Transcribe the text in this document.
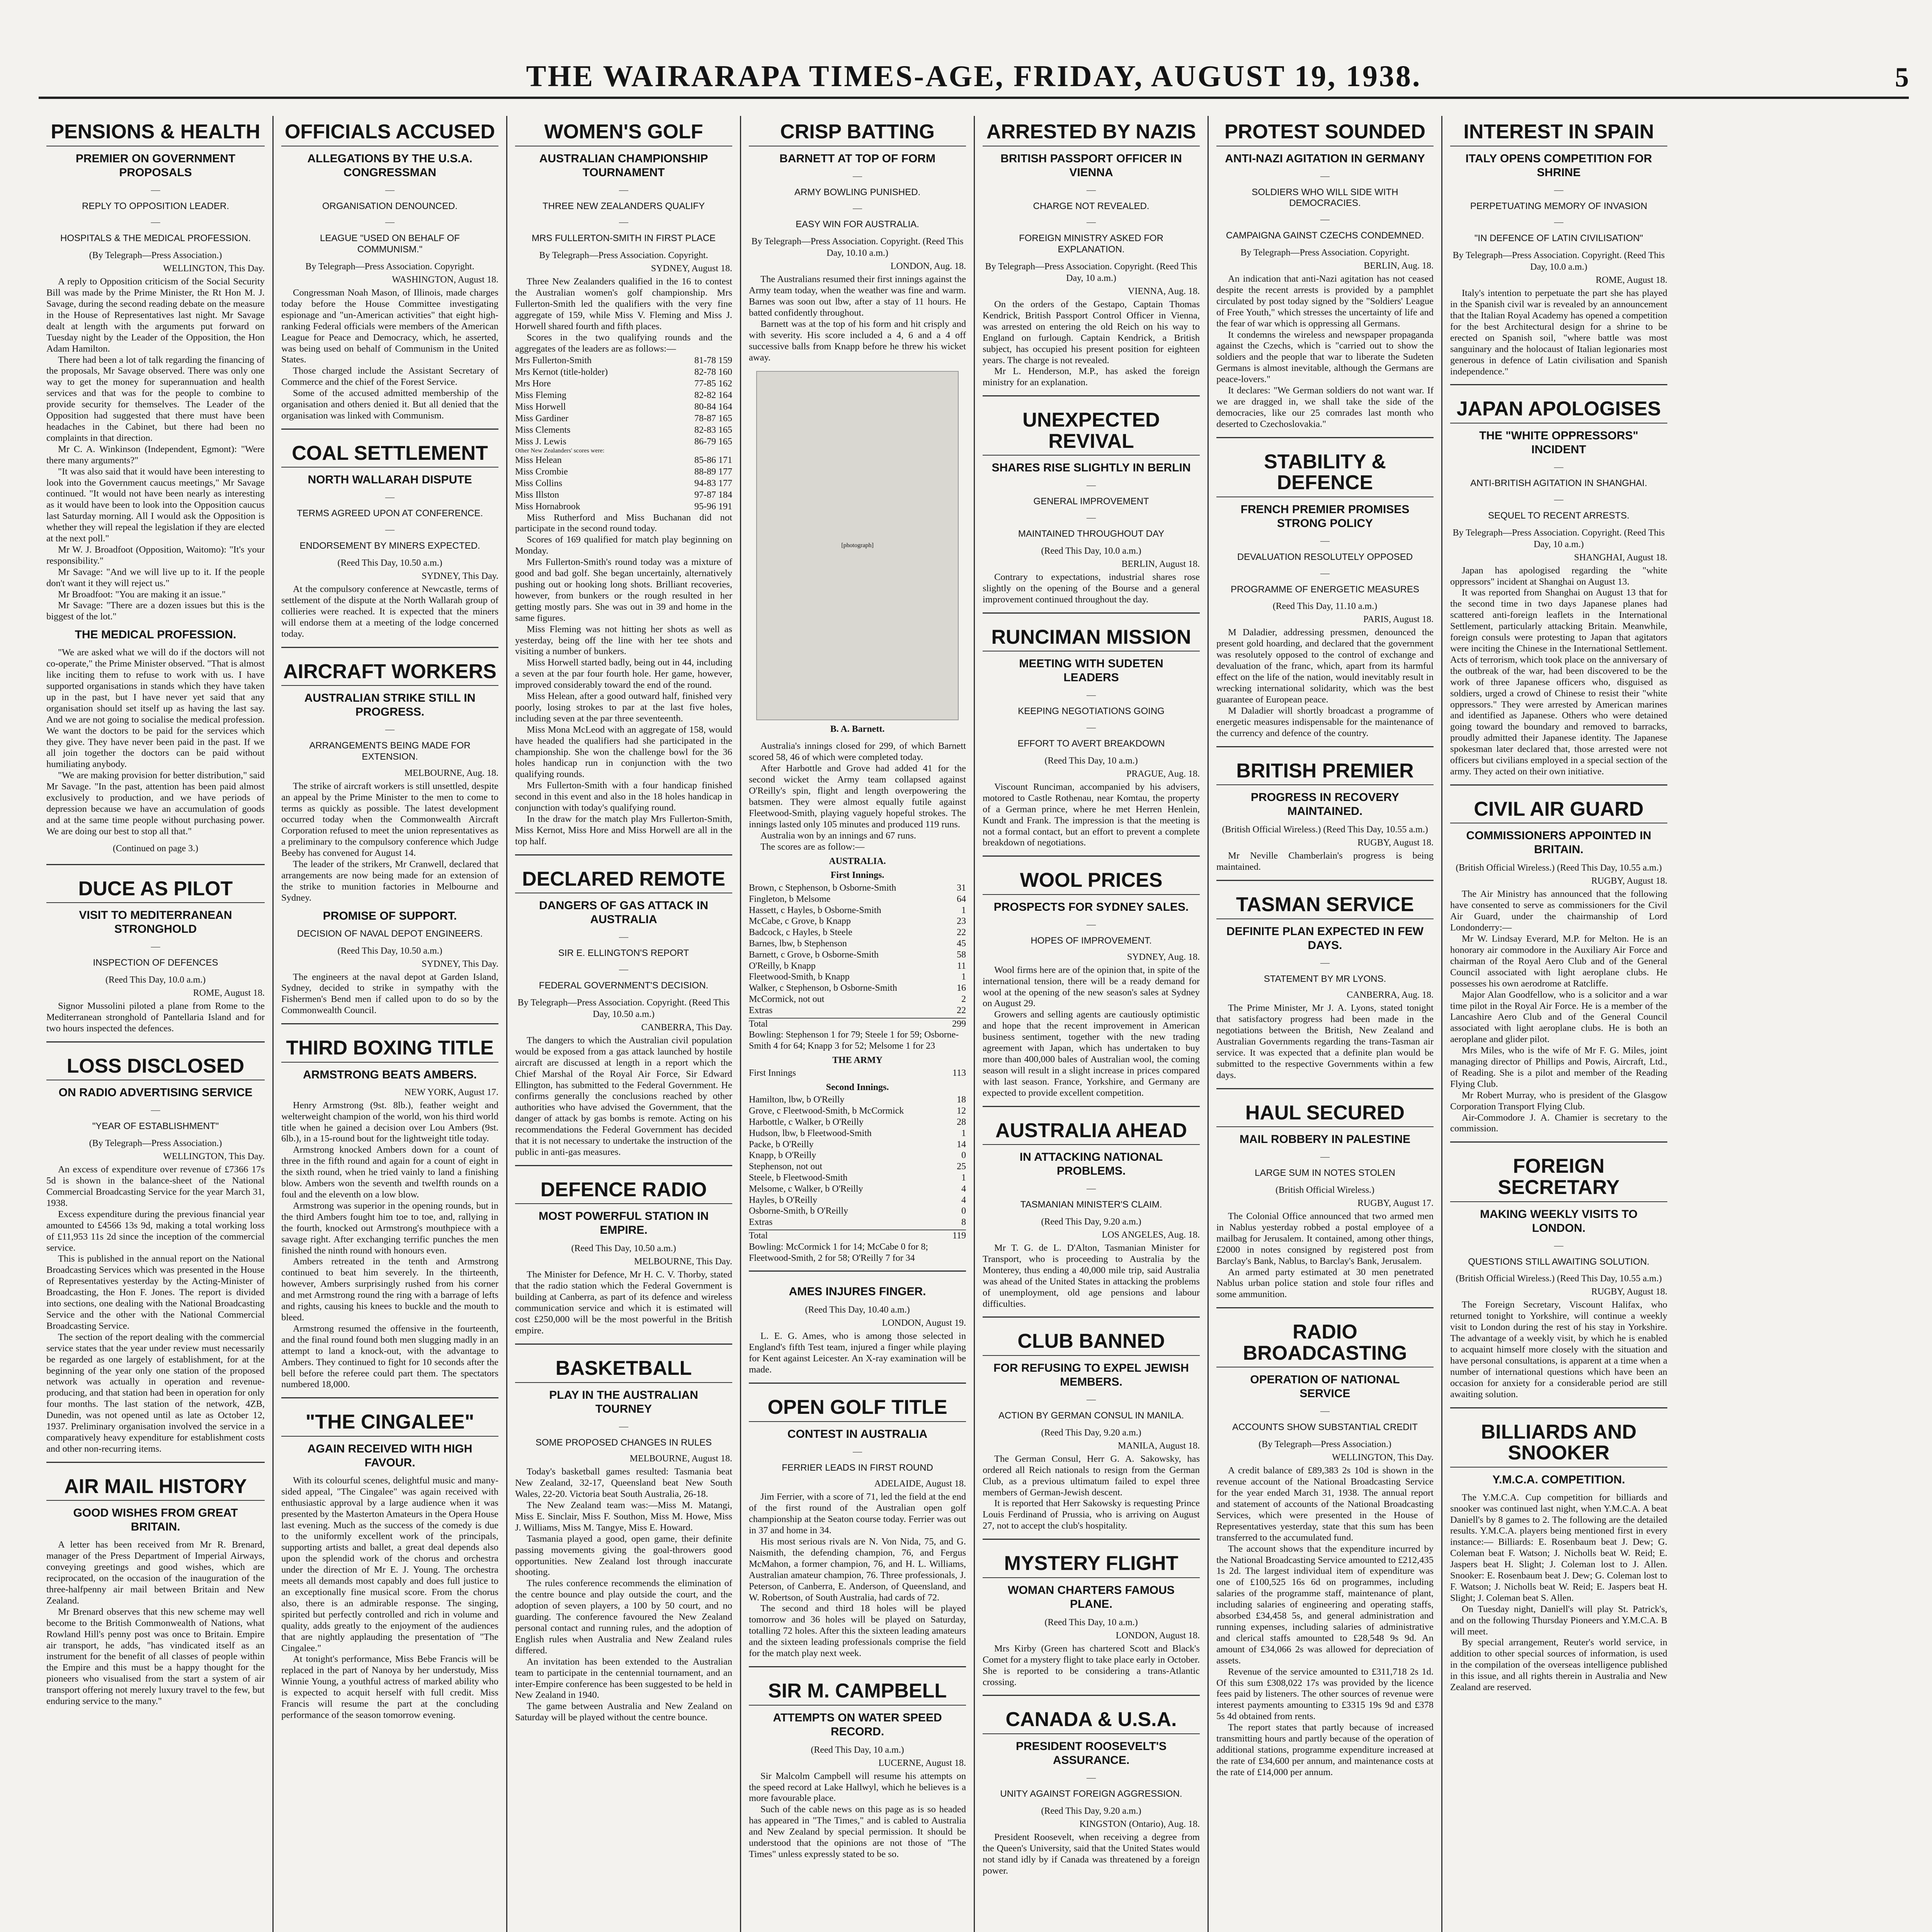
THE WAIRARAPA TIMES-AGE, FRIDAY, AUGUST 19, 1938.	5
PENSIONS & HEALTH
PREMIER ON GOVERNMENT PROPOSALS
—
REPLY TO OPPOSITION LEADER.
—
HOSPITALS & THE MEDICAL PROFESSION.
(By Telegraph—Press Association.)
WELLINGTON, This Day.

A reply to Opposition criticism of the Social Security Bill was made by the Prime Minister, the Rt Hon M. J. Savage, during the second reading debate on the measure in the House of Representatives last night. Mr Savage dealt at length with the arguments put forward on Tuesday night by the Leader of the Opposition, the Hon Adam Hamilton.

There had been a lot of talk regarding the financing of the proposals, Mr Savage observed. There was only one way to get the money for superannuation and health services and that was for the people to combine to provide security for themselves. The Leader of the Opposition had suggested that there must have been headaches in the Cabinet, but there had been no complaints in that direction.

Mr C. A. Winkinson (Independent, Egmont): "Were there many arguments?"

"It was also said that it would have been interesting to look into the Government caucus meetings," Mr Savage continued. "It would not have been nearly as interesting as it would have been to look into the Opposition caucus last Saturday morning. All I would ask the Opposition is whether they will repeal the legislation if they are elected at the next poll."

Mr W. J. Broadfoot (Opposition, Waitomo): "It's your responsibility."

Mr Savage: "And we will live up to it. If the people don't want it they will reject us."

Mr Broadfoot: "You are making it an issue."

Mr Savage: "There are a dozen issues but this is the biggest of the lot."

THE MEDICAL PROFESSION.

"We are asked what we will do if the doctors will not co-operate," the Prime Minister observed. "That is almost like inciting them to refuse to work with us. I have supported organisations in stands which they have taken up in the past, but I have never yet said that any organisation should set itself up as having the last say. And we are not going to socialise the medical profession. We want the doctors to be paid for the services which they give. They have never been paid in the past. If we all join together the doctors can be paid without humiliating anybody.

"We are making provision for better distribution," said Mr Savage. "In the past, attention has been paid almost exclusively to production, and we have periods of depression because we have an accumulation of goods and at the same time people without purchasing power. We are doing our best to stop all that."

(Continued on page 3.)
DUCE AS PILOT
VISIT TO MEDITERRANEAN STRONGHOLD
—
INSPECTION OF DEFENCES
(Reed This Day, 10.0 a.m.)
ROME, August 18.

Signor Mussolini piloted a plane from Rome to the Mediterranean stronghold of Pantellaria Island and for two hours inspected the defences.

LOSS DISCLOSED
ON RADIO ADVERTISING SERVICE
—
"YEAR OF ESTABLISHMENT"
(By Telegraph—Press Association.)
WELLINGTON, This Day.

An excess of expenditure over revenue of £7366 17s 5d is shown in the balance-sheet of the National Commercial Broadcasting Service for the year March 31, 1938.

Excess expenditure during the previous financial year amounted to £4566 13s 9d, making a total working loss of £11,953 11s 2d since the inception of the commercial service.

This is published in the annual report on the National Broadcasting Services which was presented in the House of Representatives yesterday by the Acting-Minister of Broadcasting, the Hon F. Jones. The report is divided into sections, one dealing with the National Broadcasting Service and the other with the National Commercial Broadcasting Service.

The section of the report dealing with the commercial service states that the year under review must necessarily be regarded as one largely of establishment, for at the beginning of the year only one station of the proposed network was actually in operation and revenue-producing, and that station had been in operation for only four months. The last station of the network, 4ZB, Dunedin, was not opened until as late as October 12, 1937. Preliminary organisation involved the service in a comparatively heavy expenditure for establishment costs and other non-recurring items.

AIR MAIL HISTORY
GOOD WISHES FROM GREAT BRITAIN.

A letter has been received from Mr R. Brenard, manager of the Press Department of Imperial Airways, conveying greetings and good wishes, which are reciprocated, on the occasion of the inauguration of the three-halfpenny air mail between Britain and New Zealand.

Mr Brenard observes that this new scheme may well become to the British Commonwealth of Nations, what Rowland Hill's penny post was once to Britain. Empire air transport, he adds, "has vindicated itself as an instrument for the benefit of all classes of people within the Empire and this must be a happy thought for the pioneers who visualised from the start a system of air transport offering not merely luxury travel to the few, but enduring service to the many."

OFFICIALS ACCUSED
ALLEGATIONS BY THE U.S.A. CONGRESSMAN
—
ORGANISATION DENOUNCED.
—
LEAGUE "USED ON BEHALF OF COMMUNISM."
By Telegraph—Press Association. Copyright.
WASHINGTON, August 18.

Congressman Noah Mason, of Illinois, made charges today before the House Committee investigating espionage and "un-American activities" that eight high-ranking Federal officials were members of the American League for Peace and Democracy, which, he asserted, was being used on behalf of Communism in the United States.

Those charged include the Assistant Secretary of Commerce and the chief of the Forest Service.

Some of the accused admitted membership of the organisation and others denied it. But all denied that the organisation was linked with Communism.

COAL SETTLEMENT
NORTH WALLARAH DISPUTE
—
TERMS AGREED UPON AT CONFERENCE.
—
ENDORSEMENT BY MINERS EXPECTED.
(Reed This Day, 10.50 a.m.)
SYDNEY, This Day.

At the compulsory conference at Newcastle, terms of settlement of the dispute at the North Wallarah group of collieries were reached. It is expected that the miners will endorse them at a meeting of the lodge concerned today.

AIRCRAFT WORKERS
AUSTRALIAN STRIKE STILL IN PROGRESS.
—
ARRANGEMENTS BEING MADE FOR EXTENSION.
MELBOURNE, Aug. 18.

The strike of aircraft workers is still unsettled, despite an appeal by the Prime Minister to the men to come to terms as quickly as possible. The latest development occurred today when the Commonwealth Aircraft Corporation refused to meet the union representatives as a preliminary to the compulsory conference which Judge Beeby has convened for August 14.

The leader of the strikers, Mr Cranwell, declared that arrangements are now being made for an extension of the strike to munition factories in Melbourne and Sydney.

PROMISE OF SUPPORT.
DECISION OF NAVAL DEPOT ENGINEERS.
(Reed This Day, 10.50 a.m.)
SYDNEY, This Day.

The engineers at the naval depot at Garden Island, Sydney, decided to strike in sympathy with the Fishermen's Bend men if called upon to do so by the Commonwealth Council.

THIRD BOXING TITLE
ARMSTRONG BEATS AMBERS.
NEW YORK, August 17.

Henry Armstrong (9st. 8lb.), feather weight and welterweight champion of the world, won his third world title when he gained a decision over Lou Ambers (9st. 6lb.), in a 15-round bout for the lightweight title today.

Armstrong knocked Ambers down for a count of three in the fifth round and again for a count of eight in the sixth round, when he tried vainly to land a finishing blow. Ambers won the seventh and twelfth rounds on a foul and the eleventh on a low blow.

Armstrong was superior in the opening rounds, but in the third Ambers fought him toe to toe, and, rallying in the fourth, knocked out Armstrong's mouthpiece with a savage right. After exchanging terrific punches the men finished the ninth round with honours even.

Ambers retreated in the tenth and Armstrong continued to beat him severely. In the thirteenth, however, Ambers surprisingly rushed from his corner and met Armstrong round the ring with a barrage of lefts and rights, causing his knees to buckle and the mouth to bleed.

Armstrong resumed the offensive in the fourteenth, and the final round found both men slugging madly in an attempt to land a knock-out, with the advantage to Ambers. They continued to fight for 10 seconds after the bell before the referee could part them. The spectators numbered 18,000.

"THE CINGALEE"
AGAIN RECEIVED WITH HIGH FAVOUR.

With its colourful scenes, delightful music and many-sided appeal, "The Cingalee" was again received with enthusiastic approval by a large audience when it was presented by the Masterton Amateurs in the Opera House last evening. Much as the success of the comedy is due to the uniformly excellent work of the principals, supporting artists and ballet, a great deal depends also upon the splendid work of the chorus and orchestra under the direction of Mr E. J. Young. The orchestra meets all demands most capably and does full justice to an exceptionally fine musical score. From the chorus also, there is an admirable response. The singing, spirited but perfectly controlled and rich in volume and quality, adds greatly to the enjoyment of the audiences that are nightly applauding the presentation of "The Cingalee."

At tonight's performance, Miss Bebe Francis will be replaced in the part of Nanoya by her understudy, Miss Winnie Young, a youthful actress of marked ability who is expected to acquit herself with full credit. Miss Francis will resume the part at the concluding performance of the season tomorrow evening.

WOMEN'S GOLF
AUSTRALIAN CHAMPIONSHIP TOURNAMENT
—
THREE NEW ZEALANDERS QUALIFY
—
MRS FULLERTON-SMITH IN FIRST PLACE
By Telegraph—Press Association. Copyright.
SYDNEY, August 18.

Three New Zealanders qualified in the 16 to contest the Australian women's golf championship. Mrs Fullerton-Smith led the qualifiers with the very fine aggregate of 159, while Miss V. Fleming and Miss J. Horwell shared fourth and fifth places.

Scores in the two qualifying rounds and the aggregates of the leaders are as follows:—

Mrs Fullerton-Smith	81-78 159
Mrs Kernot (title-holder)	82-78 160
Mrs Hore	77-85 162
Miss Fleming	82-82 164
Miss Horwell	80-84 164
Miss Gardiner	78-87 165
Miss Clements	82-83 165
Miss J. Lewis	86-79 165
Other New Zealanders' scores were:
Miss Helean	85-86 171
Miss Crombie	88-89 177
Miss Collins	94-83 177
Miss Illston	97-87 184
Miss Hornabrook	95-96 191

Miss Rutherford and Miss Buchanan did not participate in the second round today.

Scores of 169 qualified for match play beginning on Monday.

Mrs Fullerton-Smith's round today was a mixture of good and bad golf. She began uncertainly, alternatively pushing out or hooking long shots. Brilliant recoveries, however, from bunkers or the rough resulted in her getting mostly pars. She was out in 39 and home in the same figures.

Miss Fleming was not hitting her shots as well as yesterday, being off the line with her tee shots and visiting a number of bunkers.

Miss Horwell started badly, being out in 44, including a seven at the par four fourth hole. Her game, however, improved considerably toward the end of the round.

Miss Helean, after a good outward half, finished very poorly, losing strokes to par at the last five holes, including seven at the par three seventeenth.

Miss Mona McLeod with an aggregate of 158, would have headed the qualifiers had she participated in the championship. She won the challenge bowl for the 36 holes handicap run in conjunction with the two qualifying rounds.

Mrs Fullerton-Smith with a four handicap finished second in this event and also in the 18 holes handicap in conjunction with today's qualifying round.

In the draw for the match play Mrs Fullerton-Smith, Miss Kernot, Miss Hore and Miss Horwell are all in the top half.

DECLARED REMOTE
DANGERS OF GAS ATTACK IN AUSTRALIA
—
SIR E. ELLINGTON'S REPORT
—
FEDERAL GOVERNMENT'S DECISION.
By Telegraph—Press Association. Copyright. (Reed This Day, 10.50 a.m.)
CANBERRA, This Day.

The dangers to which the Australian civil population would be exposed from a gas attack launched by hostile aircraft are discussed at length in a report which the Chief Marshal of the Royal Air Force, Sir Edward Ellington, has submitted to the Federal Government. He confirms generally the conclusions reached by other authorities who have advised the Government, that the danger of attack by gas bombs is remote. Acting on his recommendations the Federal Government has decided that it is not necessary to undertake the instruction of the public in anti-gas measures.

DEFENCE RADIO
MOST POWERFUL STATION IN EMPIRE.
(Reed This Day, 10.50 a.m.)
MELBOURNE, This Day.

The Minister for Defence, Mr H. C. V. Thorby, stated that the radio station which the Federal Government is building at Canberra, as part of its defence and wireless communication service and which it is estimated will cost £250,000 will be the most powerful in the British empire.

BASKETBALL
PLAY IN THE AUSTRALIAN TOURNEY
—
SOME PROPOSED CHANGES IN RULES
MELBOURNE, August 18.

Today's basketball games resulted: Tasmania beat New Zealand, 32-17, Queensland beat New South Wales, 22-20. Victoria beat South Australia, 26-18.

The New Zealand team was:—Miss M. Matangi, Miss E. Sinclair, Miss F. Southon, Miss M. Howe, Miss J. Williams, Miss M. Tangye, Miss E. Howard.

Tasmania played a good, open game, their definite passing movements giving the goal-throwers good opportunities. New Zealand lost through inaccurate shooting.

The rules conference recommends the elimination of the centre bounce and play outside the court, and the adoption of seven players, a 100 by 50 court, and no guarding. The conference favoured the New Zealand personal contact and running rules, and the adoption of English rules when Australia and New Zealand rules differed.

An invitation has been extended to the Australian team to participate in the centennial tournament, and an inter-Empire conference has been suggested to be held in New Zealand in 1940.

The game between Australia and New Zealand on Saturday will be played without the centre bounce.

CRISP BATTING
BARNETT AT TOP OF FORM
—
ARMY BOWLING PUNISHED.
—
EASY WIN FOR AUSTRALIA.
By Telegraph—Press Association. Copyright. (Reed This Day, 10.10 a.m.)
LONDON, Aug. 18.

The Australians resumed their first innings against the Army team today, when the weather was fine and warm. Barnes was soon out lbw, after a stay of 11 hours. He batted confidently throughout.

Barnett was at the top of his form and hit crisply and with severity. His score included a 4, 6 and a 4 off successive balls from Knapp before he threw his wicket away.

[photograph]
B. A. Barnett.

Australia's innings closed for 299, of which Barnett scored 58, 46 of which were completed today.

After Harbottle and Grove had added 41 for the second wicket the Army team collapsed against O'Reilly's spin, flight and length overpowering the batsmen. They were almost equally futile against Fleetwood-Smith, playing vaguely hopeful strokes. The innings lasted only 105 minutes and produced 119 runs.

Australia won by an innings and 67 runs.

The scores are as follow:—

AUSTRALIA.
First Innings.
Brown, c Stephenson, b Osborne-Smith	31
Fingleton, b Melsome	64
Hassett, c Hayles, b Osborne-Smith	1
McCabe, c Grove, b Knapp	23
Badcock, c Hayles, b Steele	22
Barnes, lbw, b Stephenson	45
Barnett, c Grove, b Osborne-Smith	58
O'Reilly, b Knapp	11
Fleetwood-Smith, b Knapp	1
Walker, c Stephenson, b Osborne-Smith	16
McCormick, not out	2
Extras	22
Total	299
Bowling: Stephenson 1 for 79; Steele 1 for 59; Osborne-Smith 4 for 64; Knapp 3 for 52; Melsome 1 for 23
THE ARMY
First Innings	113
Second Innings.
Hamilton, lbw, b O'Reilly	18
Grove, c Fleetwood-Smith, b McCormick	12
Harbottle, c Walker, b O'Reilly	28
Hudson, lbw, b Fleetwood-Smith	1
Packe, b O'Reilly	14
Knapp, b O'Reilly	0
Stephenson, not out	25
Steele, b Fleetwood-Smith	1
Melsome, c Walker, b O'Reilly	4
Hayles, b O'Reilly	4
Osborne-Smith, b O'Reilly	0
Extras	8
Total	119
Bowling: McCormick 1 for 14; McCabe 0 for 8; Fleetwood-Smith, 2 for 58; O'Reilly 7 for 34
AMES INJURES FINGER.
(Reed This Day, 10.40 a.m.)
LONDON, August 19.

L. E. G. Ames, who is among those selected in England's fifth Test team, injured a finger while playing for Kent against Leicester. An X-ray examination will be made.

OPEN GOLF TITLE
CONTEST IN AUSTRALIA
—
FERRIER LEADS IN FIRST ROUND
ADELAIDE, August 18.

Jim Ferrier, with a score of 71, led the field at the end of the first round of the Australian open golf championship at the Seaton course today. Ferrier was out in 37 and home in 34.

His most serious rivals are N. Von Nida, 75, and G. Naismith, the defending champion, 76, and Fergus McMahon, a former champion, 76, and H. L. Williams, Australian amateur champion, 76. Three professionals, J. Peterson, of Canberra, E. Anderson, of Queensland, and W. Robertson, of South Australia, had cards of 72.

The second and third 18 holes will be played tomorrow and 36 holes will be played on Saturday, totalling 72 holes. After this the sixteen leading amateurs and the sixteen leading professionals comprise the field for the match play next week.

SIR M. CAMPBELL
ATTEMPTS ON WATER SPEED RECORD.
(Reed This Day, 10 a.m.)
LUCERNE, August 18.

Sir Malcolm Campbell will resume his attempts on the speed record at Lake Hallwyl, which he believes is a more favourable place.

Such of the cable news on this page as is so headed has appeared in "The Times," and is cabled to Australia and New Zealand by special permission. It should be understood that the opinions are not those of "The Times" unless expressly stated to be so.

ARRESTED BY NAZIS
BRITISH PASSPORT OFFICER IN VIENNA
—
CHARGE NOT REVEALED.
—
FOREIGN MINISTRY ASKED FOR EXPLANATION.
By Telegraph—Press Association. Copyright. (Reed This Day, 10 a.m.)
VIENNA, Aug. 18.

On the orders of the Gestapo, Captain Thomas Kendrick, British Passport Control Officer in Vienna, was arrested on entering the old Reich on his way to England on furlough. Captain Kendrick, a British subject, has occupied his present position for eighteen years. The charge is not revealed.

Mr L. Henderson, M.P., has asked the foreign ministry for an explanation.

UNEXPECTED REVIVAL
SHARES RISE SLIGHTLY IN BERLIN
—
GENERAL IMPROVEMENT
—
MAINTAINED THROUGHOUT DAY
(Reed This Day, 10.0 a.m.)
BERLIN, August 18.

Contrary to expectations, industrial shares rose slightly on the opening of the Bourse and a general improvement continued throughout the day.

RUNCIMAN MISSION
MEETING WITH SUDETEN LEADERS
—
KEEPING NEGOTIATIONS GOING
—
EFFORT TO AVERT BREAKDOWN
(Reed This Day, 10 a.m.)
PRAGUE, Aug. 18.

Viscount Runciman, accompanied by his advisers, motored to Castle Rothenau, near Komtau, the property of a German prince, where he met Herren Henlein, Kundt and Frank. The impression is that the meeting is not a formal contact, but an effort to prevent a complete breakdown of negotiations.

WOOL PRICES
PROSPECTS FOR SYDNEY SALES.
—
HOPES OF IMPROVEMENT.
SYDNEY, Aug. 18.

Wool firms here are of the opinion that, in spite of the international tension, there will be a ready demand for wool at the opening of the new season's sales at Sydney on August 29.

Growers and selling agents are cautiously optimistic and hope that the recent improvement in American business sentiment, together with the new trading agreement with Japan, which has undertaken to buy more than 400,000 bales of Australian wool, the coming season will result in a slight increase in prices compared with last season. France, Yorkshire, and Germany are expected to provide excellent competition.

AUSTRALIA AHEAD
IN ATTACKING NATIONAL PROBLEMS.
—
TASMANIAN MINISTER'S CLAIM.
(Reed This Day, 9.20 a.m.)
LOS ANGELES, Aug. 18.

Mr T. G. de L. D'Alton, Tasmanian Minister for Transport, who is proceeding to Australia by the Monterey, thus ending a 40,000 mile trip, said Australia was ahead of the United States in attacking the problems of unemployment, old age pensions and labour difficulties.

CLUB BANNED
FOR REFUSING TO EXPEL JEWISH MEMBERS.
—
ACTION BY GERMAN CONSUL IN MANILA.
(Reed This Day, 9.20 a.m.)
MANILA, August 18.

The German Consul, Herr G. A. Sakowsky, has ordered all Reich nationals to resign from the German Club, as a previous ultimatum failed to expel three members of German-Jewish descent.

It is reported that Herr Sakowsky is requesting Prince Louis Ferdinand of Prussia, who is arriving on August 27, not to accept the club's hospitality.

MYSTERY FLIGHT
WOMAN CHARTERS FAMOUS PLANE.
(Reed This Day, 10 a.m.)
LONDON, August 18.

Mrs Kirby (Green has chartered Scott and Black's Comet for a mystery flight to take place early in October. She is reported to be considering a trans-Atlantic crossing.

CANADA & U.S.A.
PRESIDENT ROOSEVELT'S ASSURANCE.
—
UNITY AGAINST FOREIGN AGGRESSION.
(Reed This Day, 9.20 a.m.)
KINGSTON (Ontario), Aug. 18.

President Roosevelt, when receiving a degree from the Queen's University, said that the United States would not stand idly by if Canada was threatened by a foreign power.

PROTEST SOUNDED
ANTI-NAZI AGITATION IN GERMANY
—
SOLDIERS WHO WILL SIDE WITH DEMOCRACIES.
—
CAMPAIGNA GAINST CZECHS CONDEMNED.
By Telegraph—Press Association. Copyright.
BERLIN, Aug. 18.

An indication that anti-Nazi agitation has not ceased despite the recent arrests is provided by a pamphlet circulated by post today signed by the "Soldiers' League of Free Youth," which stresses the uncertainty of life and the fear of war which is oppressing all Germans.

It condemns the wireless and newspaper propaganda against the Czechs, which is "carried out to show the soldiers and the people that war to liberate the Sudeten Germans is almost inevitable, although the Germans are peace-lovers."

It declares: "We German soldiers do not want war. If we are dragged in, we shall take the side of the democracies, like our 25 comrades last month who deserted to Czechoslovakia."

STABILITY & DEFENCE
FRENCH PREMIER PROMISES STRONG POLICY
—
DEVALUATION RESOLUTELY OPPOSED
—
PROGRAMME OF ENERGETIC MEASURES
(Reed This Day, 11.10 a.m.)
PARIS, August 18.

M Daladier, addressing pressmen, denounced the present gold hoarding, and declared that the government was resolutely opposed to the control of exchange and devaluation of the franc, which, apart from its harmful effect on the life of the nation, would inevitably result in wrecking international solidarity, which was the best guarantee of European peace.

M Daladier will shortly broadcast a programme of energetic measures indispensable for the maintenance of the currency and defence of the country.

BRITISH PREMIER
PROGRESS IN RECOVERY MAINTAINED.
(British Official Wireless.) (Reed This Day, 10.55 a.m.)
RUGBY, August 18.

Mr Neville Chamberlain's progress is being maintained.

TASMAN SERVICE
DEFINITE PLAN EXPECTED IN FEW DAYS.
—
STATEMENT BY MR LYONS.
CANBERRA, Aug. 18.

The Prime Minister, Mr J. A. Lyons, stated tonight that satisfactory progress had been made in the negotiations between the British, New Zealand and Australian Governments regarding the trans-Tasman air service. It was expected that a definite plan would be submitted to the respective Governments within a few days.

HAUL SECURED
MAIL ROBBERY IN PALESTINE
—
LARGE SUM IN NOTES STOLEN
(British Official Wireless.)
RUGBY, August 17.

The Colonial Office announced that two armed men in Nablus yesterday robbed a postal employee of a mailbag for Jerusalem. It contained, among other things, £2000 in notes consigned by registered post from Barclay's Bank, Nablus, to Barclay's Bank, Jerusalem.

An armed party estimated at 30 men penetrated Nablus urban police station and stole four rifles and some ammunition.

RADIO BROADCASTING
OPERATION OF NATIONAL SERVICE
—
ACCOUNTS SHOW SUBSTANTIAL CREDIT
(By Telegraph—Press Association.)
WELLINGTON, This Day.

A credit balance of £89,383 2s 10d is shown in the revenue account of the National Broadcasting Service for the year ended March 31, 1938. The annual report and statement of accounts of the National Broadcasting Services, which were presented in the House of Representatives yesterday, state that this sum has been transferred to the accumulated fund.

The account shows that the expenditure incurred by the National Broadcasting Service amounted to £212,435 1s 2d. The largest individual item of expenditure was one of £100,525 16s 6d on programmes, including salaries of the programme staff, maintenance of plant, including salaries of engineering and operating staffs, absorbed £34,458 5s, and general administration and running expenses, including salaries of administrative and clerical staffs amounted to £28,548 9s 9d. An amount of £34,066 2s was allowed for depreciation of assets.

Revenue of the service amounted to £311,718 2s 1d. Of this sum £308,022 17s was provided by the licence fees paid by listeners. The other sources of revenue were interest payments amounting to £3315 19s 9d and £378 5s 4d obtained from rents.

The report states that partly because of increased transmitting hours and partly because of the operation of additional stations, programme expenditure increased at the rate of £34,600 per annum, and maintenance costs at the rate of £14,000 per annum.

INTEREST IN SPAIN
ITALY OPENS COMPETITION FOR SHRINE
—
PERPETUATING MEMORY OF INVASION
—
"IN DEFENCE OF LATIN CIVILISATION"
By Telegraph—Press Association. Copyright. (Reed This Day, 10.0 a.m.)
ROME, August 18.

Italy's intention to perpetuate the part she has played in the Spanish civil war is revealed by an announcement that the Italian Royal Academy has opened a competition for the best Architectural design for a shrine to be erected on Spanish soil, "where battle was most sanguinary and the holocaust of Italian legionaries most generous in defence of Latin civilisation and Spanish independence."

JAPAN APOLOGISES
THE "WHITE OPPRESSORS" INCIDENT
—
ANTI-BRITISH AGITATION IN SHANGHAI.
—
SEQUEL TO RECENT ARRESTS.
By Telegraph—Press Association. Copyright. (Reed This Day, 10 a.m.)
SHANGHAI, August 18.

Japan has apologised regarding the "white oppressors" incident at Shanghai on August 13.

It was reported from Shanghai on August 13 that for the second time in two days Japanese planes had scattered anti-foreign leaflets in the International Settlement, particularly attacking Britain. Meanwhile, foreign consuls were protesting to Japan that agitators were inciting the Chinese in the International Settlement. Acts of terrorism, which took place on the anniversary of the outbreak of the war, had been discovered to be the work of three Japanese officers who, disguised as soldiers, urged a crowd of Chinese to resist their "white oppressors." They were arrested by American marines and identified as Japanese. Others who were detained going toward the boundary and removed to barracks, proudly admitted their Japanese identity. The Japanese spokesman later declared that, those arrested were not officers but civilians employed in a special section of the army. They acted on their own initiative.

CIVIL AIR GUARD
COMMISSIONERS APPOINTED IN BRITAIN.
(British Official Wireless.) (Reed This Day, 10.55 a.m.)
RUGBY, August 18.

The Air Ministry has announced that the following have consented to serve as commissioners for the Civil Air Guard, under the chairmanship of Lord Londonderry:—

Mr W. Lindsay Everard, M.P. for Melton. He is an honorary air commodore in the Auxiliary Air Force and chairman of the Royal Aero Club and of the General Council associated with light aeroplane clubs. He possesses his own aerodrome at Ratcliffe.

Major Alan Goodfellow, who is a solicitor and a war time pilot in the Royal Air Force. He is a member of the Lancashire Aero Club and of the General Council associated with light aeroplane clubs. He is both an aeroplane and glider pilot.

Mrs Miles, who is the wife of Mr F. G. Miles, joint managing director of Phillips and Powis, Aircraft, Ltd., of Reading. She is a pilot and member of the Reading Flying Club.

Mr Robert Murray, who is president of the Glasgow Corporation Transport Flying Club.

Air-Commodore J. A. Chamier is secretary to the commission.

FOREIGN SECRETARY
MAKING WEEKLY VISITS TO LONDON.
—
QUESTIONS STILL AWAITING SOLUTION.
(British Official Wireless.) (Reed This Day, 10.55 a.m.)
RUGBY, August 18.

The Foreign Secretary, Viscount Halifax, who returned tonight to Yorkshire, will continue a weekly visit to London during the rest of his stay in Yorkshire. The advantage of a weekly visit, by which he is enabled to acquaint himself more closely with the situation and have personal consultations, is apparent at a time when a number of international questions which have been an occasion for anxiety for a considerable period are still awaiting solution.

BILLIARDS AND SNOOKER
Y.M.C.A. COMPETITION.

The Y.M.C.A. Cup competition for billiards and snooker was continued last night, when Y.M.C.A. A beat Daniell's by 8 games to 2. The following are the detailed results. Y.M.C.A. players being mentioned first in every instance:— Billiards: E. Rosenbaum beat J. Dew; G. Coleman beat F. Watson; J. Nicholls beat W. Reid; E. Jaspers beat H. Slight; J. Coleman lost to J. Allen. Snooker: E. Rosenbaum beat J. Dew; G. Coleman lost to F. Watson; J. Nicholls beat W. Reid; E. Jaspers beat H. Slight; J. Coleman beat S. Allen.

On Tuesday night, Daniell's will play St. Patrick's, and on the following Thursday Pioneers and Y.M.C.A. B will meet.

By special arrangement, Reuter's world service, in addition to other special sources of information, is used in the compilation of the overseas intelligence published in this issue, and all rights therein in Australia and New Zealand are reserved.
